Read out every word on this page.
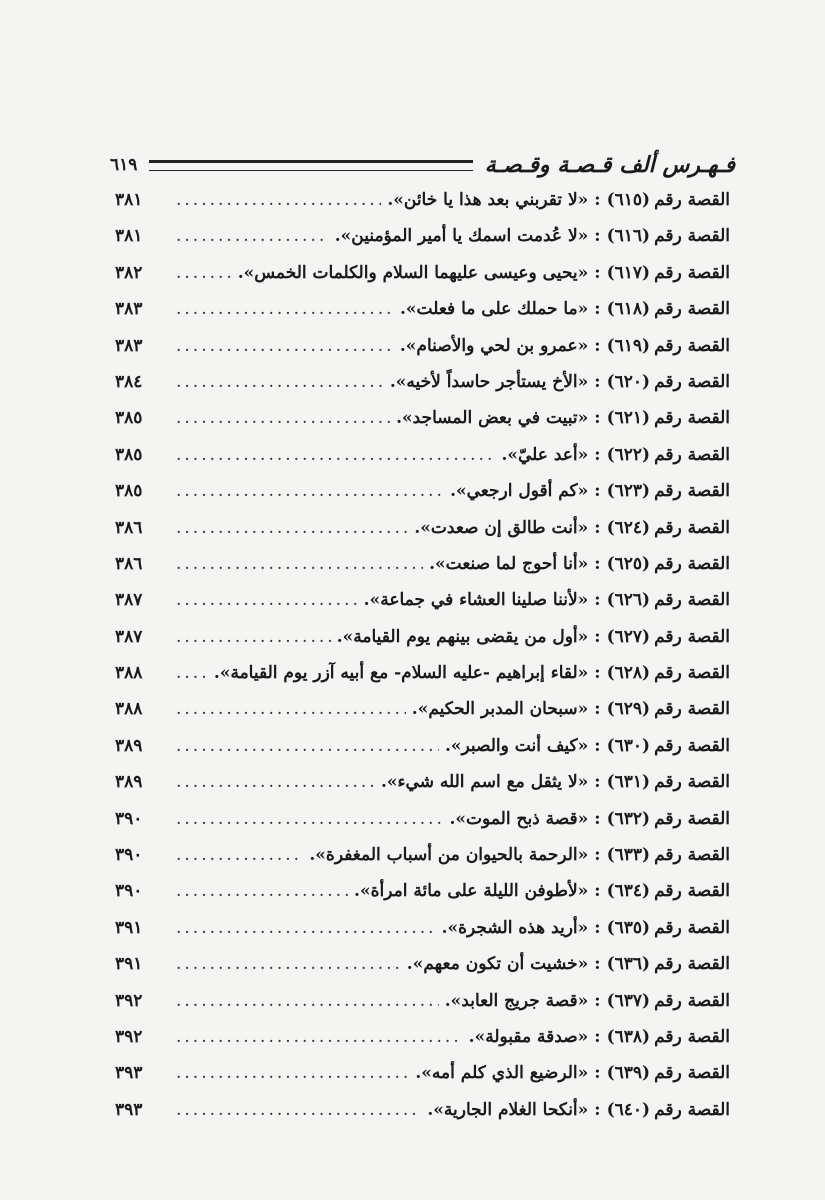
٦١٩	فـهـرس ألف قـصـة وقـصـة
القصة رقم
(٦١٥)
:
«لا تقربني بعد هذا يا خائن».
.....
٣٨١
القصة رقم
(٦١٦)
:
«لا عُدمت اسمك يا أمير المؤمنين».
.....
٣٨١
القصة رقم
(٦١٧)
:
«يحيى وعيسى عليهما السلام والكلمات الخمس».
.....
٣٨٢
القصة رقم
(٦١٨)
:
«ما حملك على ما فعلت».
.....
٣٨٣
القصة رقم
(٦١٩)
:
«عمرو بن لحي والأصنام».
.....
٣٨٣
القصة رقم
(٦٢٠)
:
«الأخ يستأجر حاسداً لأخيه».
.....
٣٨٤
القصة رقم
(٦٢١)
:
«تبيت في بعض المساجد».
.....
٣٨٥
القصة رقم
(٦٢٢)
:
«أعد عليّ».
.....
٣٨٥
القصة رقم
(٦٢٣)
:
«كم أقول ارجعي».
.....
٣٨٥
القصة رقم
(٦٢٤)
:
«أنت طالق إن صعدت».
.....
٣٨٦
القصة رقم
(٦٢٥)
:
«أنا أحوج لما صنعت».
.....
٣٨٦
القصة رقم
(٦٢٦)
:
«لأننا صلينا العشاء في جماعة».
.....
٣٨٧
القصة رقم
(٦٢٧)
:
«أول من يقضى بينهم يوم القيامة».
.....
٣٨٧
القصة رقم
(٦٢٨)
:
«لقاء إبراهيم -عليه السلام- مع أبيه آزر يوم القيامة».
.....
٣٨٨
القصة رقم
(٦٢٩)
:
«سبحان المدبر الحكيم».
.....
٣٨٨
القصة رقم
(٦٣٠)
:
«كيف أنت والصبر».
.....
٣٨٩
القصة رقم
(٦٣١)
:
«لا يثقل مع اسم الله شيء».
.....
٣٨٩
القصة رقم
(٦٣٢)
:
«قصة ذبح الموت».
.....
٣٩٠
القصة رقم
(٦٣٣)
:
«الرحمة بالحيوان من أسباب المغفرة».
.....
٣٩٠
القصة رقم
(٦٣٤)
:
«لأطوفن الليلة على مائة امرأة».
.....
٣٩٠
القصة رقم
(٦٣٥)
:
«أريد هذه الشجرة».
.....
٣٩١
القصة رقم
(٦٣٦)
:
«خشيت أن تكون معهم».
.....
٣٩١
القصة رقم
(٦٣٧)
:
«قصة جريج العابد».
.....
٣٩٢
القصة رقم
(٦٣٨)
:
«صدقة مقبولة».
.....
٣٩٢
القصة رقم
(٦٣٩)
:
«الرضيع الذي كلم أمه».
.....
٣٩٣
القصة رقم
(٦٤٠)
:
«أنكحا الغلام الجارية».
.....
٣٩٣
